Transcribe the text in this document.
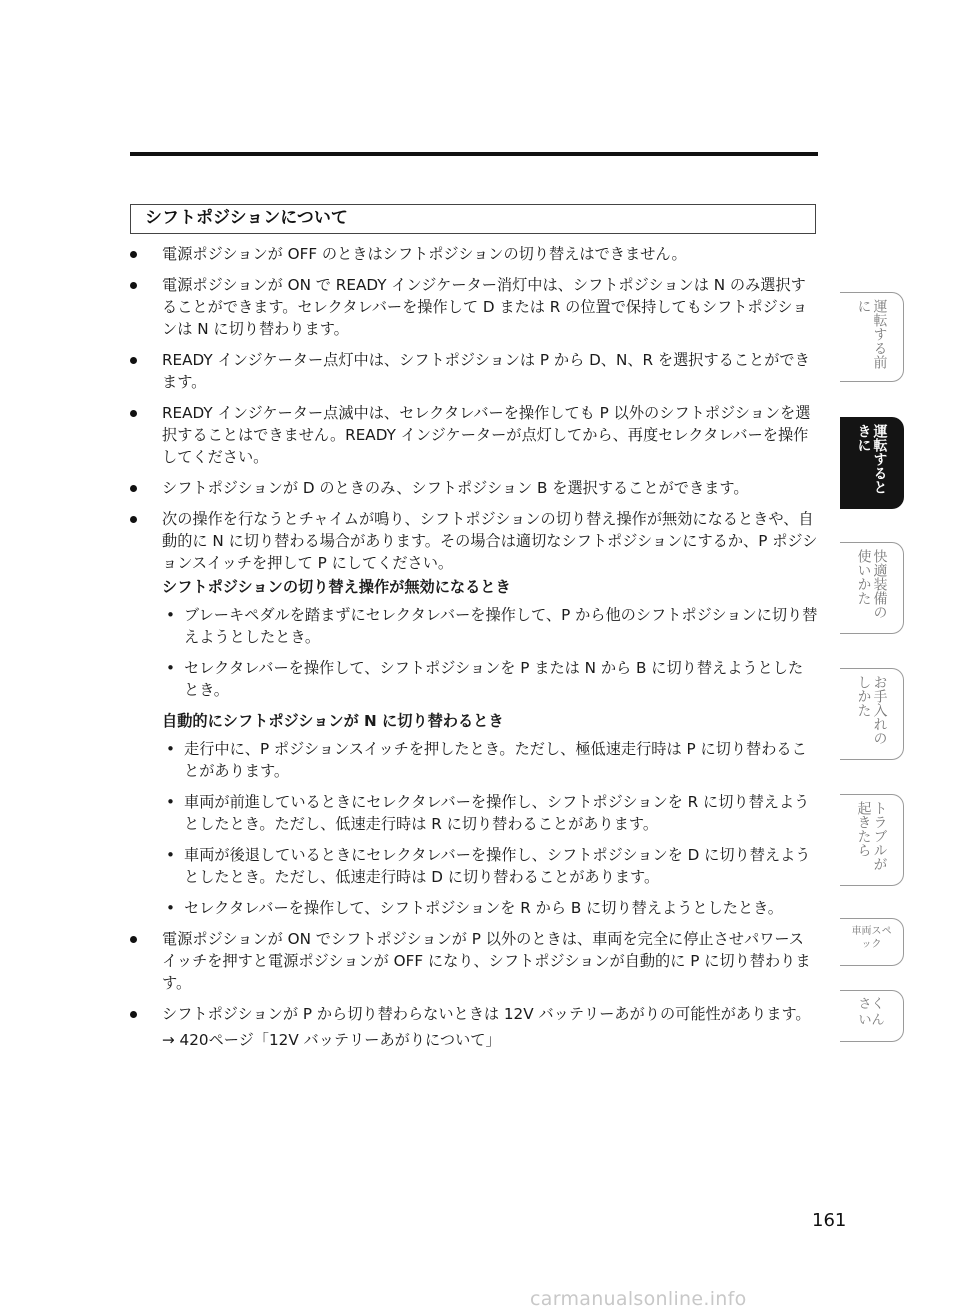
シフトポジションについて
電源ポジションが OFF のときはシフトポジションの切り替えはできません。
電源ポジションが ON で READY インジケーター消灯中は、シフトポジションは N のみ選択することができます。セレクタレバーを操作して D または R の位置で保持してもシフトポジションは N に切り替わります。
READY インジケーター点灯中は、シフトポジションは P から D、N、R を選択することができます。
READY インジケーター点滅中は、セレクタレバーを操作しても P 以外のシフトポジションを選択することはできません。READY インジケーターが点灯してから、再度セレクタレバーを操作してください。
シフトポジションが D のときのみ、シフトポジション B を選択することができます。
次の操作を行なうとチャイムが鳴り、シフトポジションの切り替え操作が無効になるときや、自動的に N に切り替わる場合があります。その場合は適切なシフトポジションにするか、P ポジションスイッチを押して P にしてください。
シフトポジションの切り替え操作が無効になるとき
• ブレーキペダルを踏まずにセレクタレバーを操作して、P から他のシフトポジションに切り替えようとしたとき。
• セレクタレバーを操作して、シフトポジションを P または N から B に切り替えようとしたとき。
自動的にシフトポジションが N に切り替わるとき
• 走行中に、P ポジションスイッチを押したとき。ただし、極低速走行時は P に切り替わることがあります。
• 車両が前進しているときにセレクタレバーを操作し、シフトポジションを R に切り替えようとしたとき。ただし、低速走行時は R に切り替わることがあります。
• 車両が後退しているときにセレクタレバーを操作し、シフトポジションを D に切り替えようとしたとき。ただし、低速走行時は D に切り替わることがあります。
• セレクタレバーを操作して、シフトポジションを R から B に切り替えようとしたとき。
電源ポジションが ON でシフトポジションが P 以外のときは、車両を完全に停止させパワースイッチを押すと電源ポジションが OFF になり、シフトポジションが自動的に P に切り替わります。
シフトポジションが P から切り替わらないときは 12V バッテリーあがりの可能性があります。
→ 420ページ「12V バッテリーあがりについて」
運転する前に
運転するときに
快適装備の使いかた
お手入れのしかた
トラブルが起きたら
車両スペック
さくいん
161
carmanualsonline.info
